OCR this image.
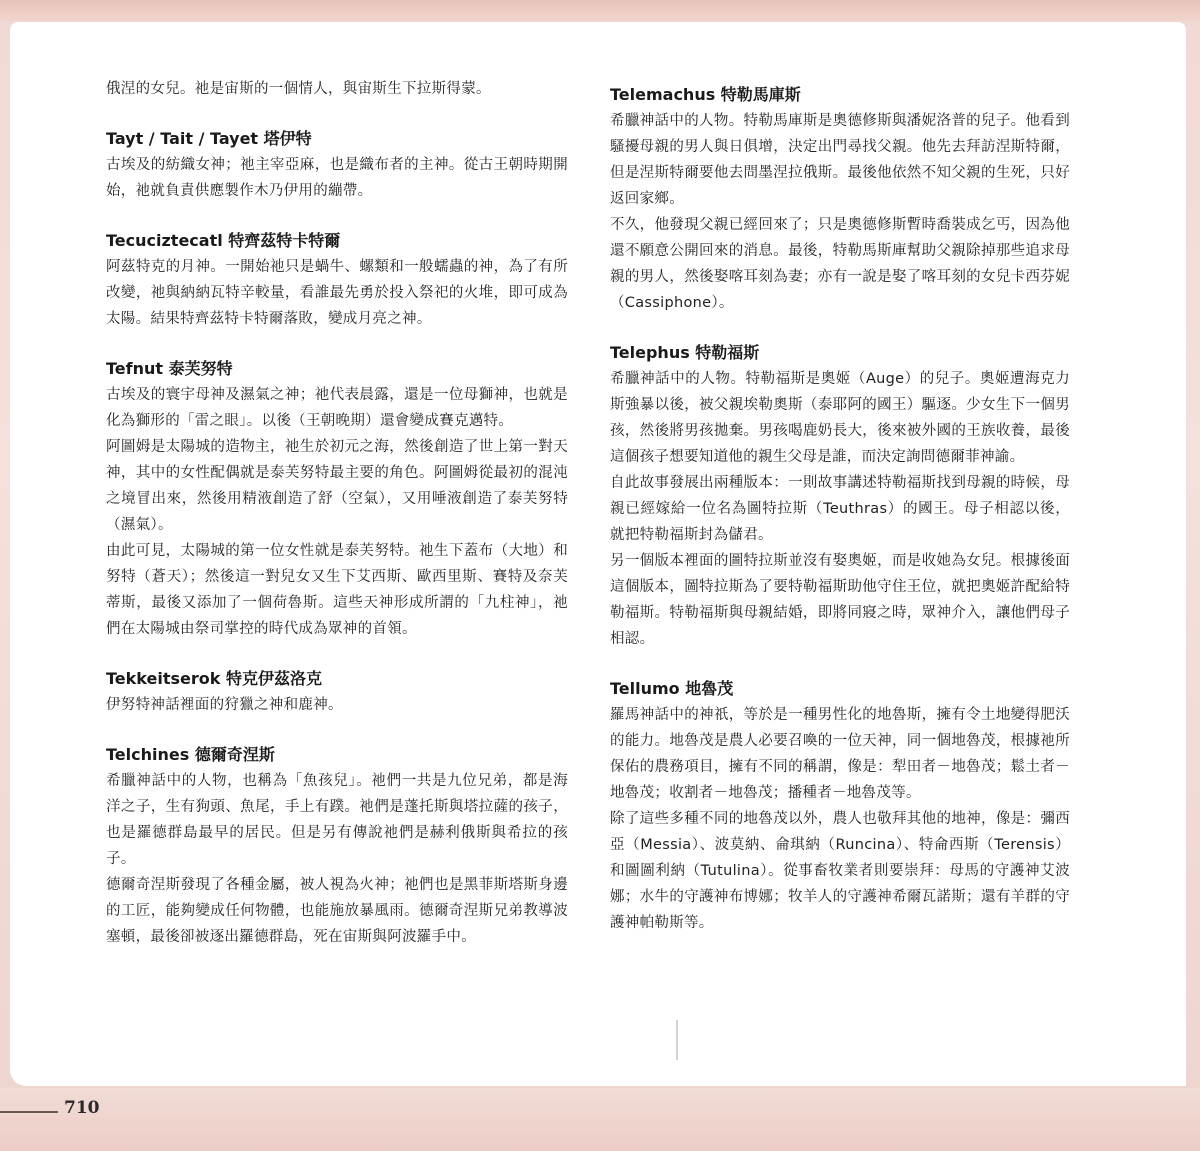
俄涅的女兒。祂是宙斯的一個情人，與宙斯生下拉斯得蒙。

Tayt / Tait / Tayet 塔伊特

古埃及的紡織女神；祂主宰亞麻，也是織布者的主神。從古王朝時期開始，祂就負責供應製作木乃伊用的繃帶。

Tecuciztecatl 特齊茲特卡特爾

阿茲特克的月神。一開始祂只是蝸牛、螺類和一般蠕蟲的神，為了有所改變，祂與納納瓦特辛較量，看誰最先勇於投入祭祀的火堆，即可成為太陽。結果特齊茲特卡特爾落敗，變成月亮之神。

Tefnut 泰芙努特

古埃及的寰宇母神及濕氣之神；祂代表晨露，還是一位母獅神，也就是化為獅形的「雷之眼」。以後（王朝晚期）還會變成賽克邁特。

阿圖姆是太陽城的造物主，祂生於初元之海，然後創造了世上第一對天神，其中的女性配偶就是泰芙努特最主要的角色。阿圖姆從最初的混沌之境冒出來，然後用精液創造了舒（空氣），又用唾液創造了泰芙努特（濕氣）。

由此可見，太陽城的第一位女性就是泰芙努特。祂生下蓋布（大地）和努特（蒼天）；然後這一對兒女又生下艾西斯、歐西里斯、賽特及奈芙蒂斯，最後又添加了一個荷魯斯。這些天神形成所謂的「九柱神」，祂們在太陽城由祭司掌控的時代成為眾神的首領。

Tekkeitserok 特克伊茲洛克

伊努特神話裡面的狩獵之神和鹿神。

Telchines 德爾奇涅斯

希臘神話中的人物，也稱為「魚孩兒」。祂們一共是九位兄弟，都是海洋之子，生有狗頭、魚尾，手上有蹼。祂們是蓬托斯與塔拉薩的孩子，也是羅德群島最早的居民。但是另有傳說祂們是赫利俄斯與希拉的孩子。

德爾奇涅斯發現了各種金屬，被人視為火神；祂們也是黑菲斯塔斯身邊的工匠，能夠變成任何物體，也能施放暴風雨。德爾奇涅斯兄弟教導波塞頓，最後卻被逐出羅德群島，死在宙斯與阿波羅手中。

Telemachus 特勒馬庫斯

希臘神話中的人物。特勒馬庫斯是奧德修斯與潘妮洛普的兒子。他看到騷擾母親的男人與日俱增，決定出門尋找父親。他先去拜訪涅斯特爾，但是涅斯特爾要他去問墨涅拉俄斯。最後他依然不知父親的生死，只好返回家鄉。

不久，他發現父親已經回來了；只是奧德修斯暫時喬裝成乞丐，因為他還不願意公開回來的消息。最後，特勒馬斯庫幫助父親除掉那些追求母親的男人，然後娶喀耳刻為妻；亦有一說是娶了喀耳刻的女兒卡西芬妮（Cassiphone）。

Telephus 特勒福斯

希臘神話中的人物。特勒福斯是奧姬（Auge）的兒子。奧姬遭海克力斯強暴以後，被父親埃勒奧斯（泰耶阿的國王）驅逐。少女生下一個男孩，然後將男孩拋棄。男孩喝鹿奶長大，後來被外國的王族收養，最後這個孩子想要知道他的親生父母是誰，而決定詢問德爾菲神諭。

自此故事發展出兩種版本：一則故事講述特勒福斯找到母親的時候，母親已經嫁給一位名為圖特拉斯（Teuthras）的國王。母子相認以後，就把特勒福斯封為儲君。

另一個版本裡面的圖特拉斯並沒有娶奧姬，而是收她為女兒。根據後面這個版本，圖特拉斯為了要特勒福斯助他守住王位，就把奧姬許配給特勒福斯。特勒福斯與母親結婚，即將同寢之時，眾神介入，讓他們母子相認。

Tellumo 地魯茂

羅馬神話中的神祇，等於是一種男性化的地魯斯，擁有令土地變得肥沃的能力。地魯茂是農人必要召喚的一位天神，同一個地魯茂，根據祂所保佑的農務項目，擁有不同的稱謂，像是：犁田者－地魯茂；鬆土者－地魯茂；收割者－地魯茂；播種者－地魯茂等。

除了這些多種不同的地魯茂以外，農人也敬拜其他的地神，像是：彌西亞（Messia）、波莫納、侖琪納（Runcina）、特侖西斯（Terensis）和圖圖利納（Tutulina）。從事畜牧業者則要崇拜：母馬的守護神艾波娜；水牛的守護神布博娜；牧羊人的守護神希爾瓦諾斯；還有羊群的守護神帕勒斯等。

710
